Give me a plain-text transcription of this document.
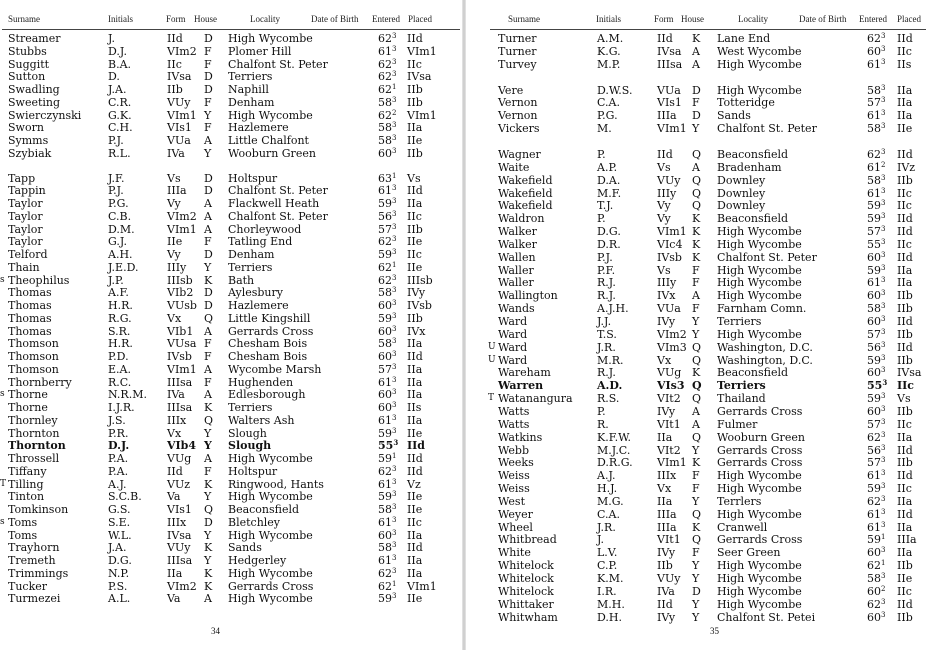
Surname	Initials	Form House	Locality	Date of Birth Entered Placed
Streamer	J.	IId D High Wycombe	$62^3$ IId
Stubbs	D.J.	VIm2 F Plomer Hill	$61^3$ VIm1
Suggitt	B.A.	IIc F Chalfont St. Peter	$62^3$ IIc
Sutton	D.	IVsa D Terriers	$62^3$ IVsa
Swadling	J.A.	IIb D Naphill	$62^1$ IIb
Sweeting	C.R.	VUy F Denham	$58^3$ IIb
Swierczynski G.K.	VIm1 Y High Wycombe	$62^2$ VIm1
Sworn	C.H.	VIs1 F Hazlemere	$58^3$ IIa
Symms	P.J.	VUa A Little Chalfont	$58^3$ IIe
Szybiak	R.L.	IVa Y Wooburn Green	$60^3$ IIb
Tapp	J.F.	Vs D Holtspur	$63^1$ Vs
Tappin	P.J.	IIIa D Chalfont St. Peter	$61^3$ IId
Taylor	P.G.	Vy A Flackwell Heath	$59^3$ IIa
Taylor	C.B.	VIm2 A Chalfont St. Peter	$56^3$ IIc
Taylor	D.M.	VIm1 A Chorleywood	$57^3$ IIb
Taylor	G.J.	IIe F Tatling End	$62^3$ IIe
Telford	A.H.	Vy D Denham	$59^3$ IIc
Thain	J.E.D.	IIIy Y Terriers	$62^1$ IIe
s Theophilus	J.P.	IIIsb K Bath	$62^3$ IIIsb
Thomas	A.F.	VIb2 D Aylesbury	$58^3$ IVy
Thomas	H.R.	VUsb D Hazlemere	$60^3$ IVsb
Thomas	R.G.	Vx Q Little Kingshill	$59^3$ IIb
Thomas	S.R.	VIb1 A Gerrards Cross	$60^3$ IVx
Thomson	H.R.	VUsa F Chesham Bois	$58^3$ IIa
Thomson	P.D.	IVsb F Chesham Bois	$60^3$ IId
Thomson	E.A.	VIm1 A Wycombe Marsh	$57^3$ IIa
Thornberry	R.C.	IIIsa F Hughenden	$61^3$ IIa
s Thorne	N.R.M. IVa A Edlesborough	$60^3$ IIa
Thorne	I.J.R.	IIIsa K Terriers	$60^3$ IIs
Thornley	J.S.	IIIx Q Walters Ash	$61^3$ IIa
Thornton	P.R.	Vx Y Slough	$59^3$ IIe
Thornton	D.J.	VIb4 Y Slough	$55^3$ IId
Throssell	P.A.	VUg A High Wycombe	$59^1$ IId
Tiffany	P.A.	IId F Holtspur	$62^3$ IId
T Tilling	A.J.	VUz K Ringwood, Hants	$61^3$ Vz
Tinton	S.C.B. Va Y High Wycombe	$59^3$ IIe
Tomkinson	G.S.	VIs1 Q Beaconsfield	$58^3$ IIe
s Toms	S.E.	IIIx D Bletchley	$61^3$ IIc
Toms	W.L.	IVsa Y High Wycombe	$60^3$ IIa
Trayhorn	J.A.	VUy K Sands	$58^3$ IId
Tremeth	D.G.	IIIsa Y Hedgerley	$61^3$ IIa
Trimmings	N.P.	IIa K High Wycombe	$62^3$ IIa
Tucker	P.S.	VIm2 K Gerrards Cross	$62^1$ VIm1
Turmezei	A.L.	Va A High Wycombe	$59^3$ IIe
34
Surname	Initials	Form House	Locality	Date of Birth Entered Placed
Turner	A.M.	IId K Lane End	$62^3$ IId
Turner	K.G.	IVsa A West Wycombe	$60^3$ IIc
Turvey	M.P.	IIIsa A High Wycombe	$61^3$ IIs
Vere	D.W.S. VUa D High Wycombe	$58^3$ IIa
Vernon	C.A.	VIs1 F Totteridge	$57^3$ IIa
Vernon	P.G.	IIIa D Sands	$61^3$ IIa
Vickers	M.	VIm1 Y Chalfont St. Peter	$58^3$ IIe
Wagner	P.	IId Q Beaconsfield	$62^3$ IId
Waite	A.P.	Vs A Bradenham	$61^2$ IVz
Wakefield	D.A.	VUy Q Downley	$58^3$ IIb
Wakefield	M.F.	IIIy Q Downley	$61^3$ IIc
Wakefield	T.J.	Vy Q Downley	$59^3$ IIc
Waldron	P.	Vy K Beaconsfield	$59^3$ IId
Walker	D.G.	VIm1 K High Wycombe	$57^3$ IId
Walker	D.R.	VIc4 K High Wycombe	$55^3$ IIc
Wallen	P.J.	IVsb K Chalfont St. Peter	$60^3$ IId
Waller	P.F.	Vs F High Wycombe	$59^3$ IIa
Waller	R.J.	IIIy F High Wycombe	$61^3$ IIa
Wallington	R.J.	IVx A High Wycombe	$60^3$ IIb
Wands	A.J.H.	VUa F Farnham Comn.	$58^3$ IIb
Ward	J.J.	IVy Y Terriers	$60^3$ IId
Ward	T.S.	VIm2 Y High Wycombe	$57^3$ IIb
U Ward	J.R.	VIm3 Q Washington, D.C.	$56^3$ IId
U Ward	M.R.	Vx Q Washington, D.C.	$59^3$ IIb
Wareham	R.J.	VUg K Beaconsfield	$60^3$ IVsa
Warren	A.D.	VIs3 Q Terriers	$55^3$ IIc
T Watanangura R.S.	VIt2 Q Thailand	$59^3$ Vs
Watts	P.	IVy A Gerrards Cross	$60^3$ IIb
Watts	R.	VIt1 A Fulmer	$57^3$ IIc
Watkins	K.F.W. IIa Q Wooburn Green	$62^3$ IIa
Webb	M.J.C. VIt2 Y Gerrards Cross	$56^3$ IId
Weeks	D.R.G. VIm1 K Gerrards Cross	$57^3$ IIb
Weiss	A.J.	IIIx F High Wycombe	$61^3$ IId
Weiss	H.J.	Vx F High Wycombe	$59^3$ IIc
West	M.G.	IIa Y Terrlers	$62^3$ IIa
Weyer	C.A.	IIIa Q High Wycombe	$61^3$ IId
Wheel	J.R.	IIIa K Cranwell	$61^3$ IIa
Whitbread	J.	VIt1 Q Gerrards Cross	$59^1$ IIIa
White	L.V.	IVy F Seer Green	$60^3$ IIa
Whitelock	C.P.	IIb Y High Wycombe	$62^1$ IIb
Whitelock	K.M.	VUy Y High Wycombe	$58^3$ IIe
Whitelock	I.R.	IVa D High Wycombe	$60^2$ IIc
Whittaker	M.H.	IId Y High Wycombe	$62^3$ IId
Whitwham	D.H.	IVy Y Chalfont St. Petei	$60^3$ IIb
35
